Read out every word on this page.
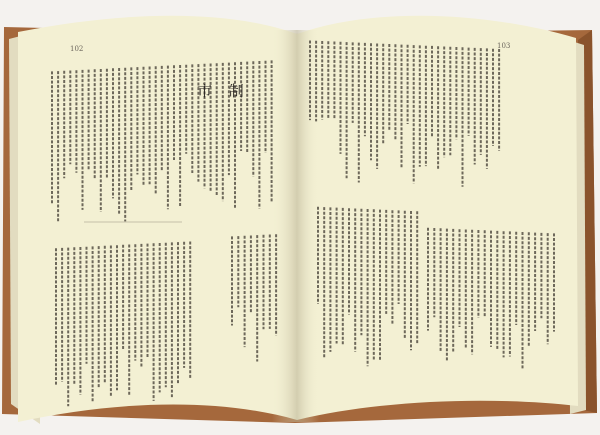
市 制
102	103
